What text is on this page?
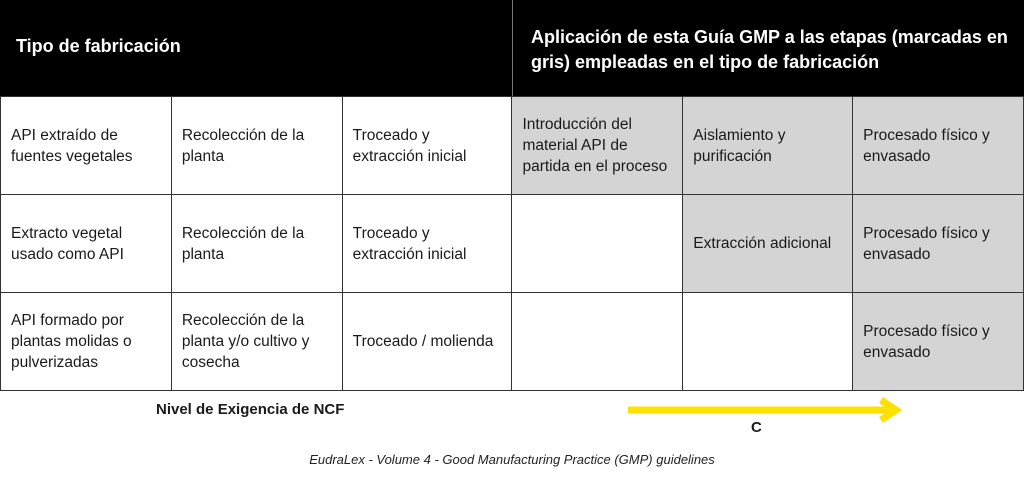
Tipo de fabricación	Aplicación de esta Guía GMP a las etapas (marcadas en gris) empleadas en el tipo de fabricación
API extraído de fuentes vegetales	Recolección de la planta	Troceado y extracción inicial	Introducción del material API de partida en el proceso	Aislamiento y purificación	Procesado físico y envasado
Extracto vegetal usado como API	Recolección de la planta	Troceado y extracción inicial		Extracción adicional	Procesado físico y envasado
API formado por plantas molidas o pulverizadas	Recolección de la planta y/o cultivo y cosecha	Troceado / molienda			Procesado físico y envasado
Nivel de Exigencia de NCF
C
EudraLex - Volume 4 - Good Manufacturing Practice (GMP) guidelines
